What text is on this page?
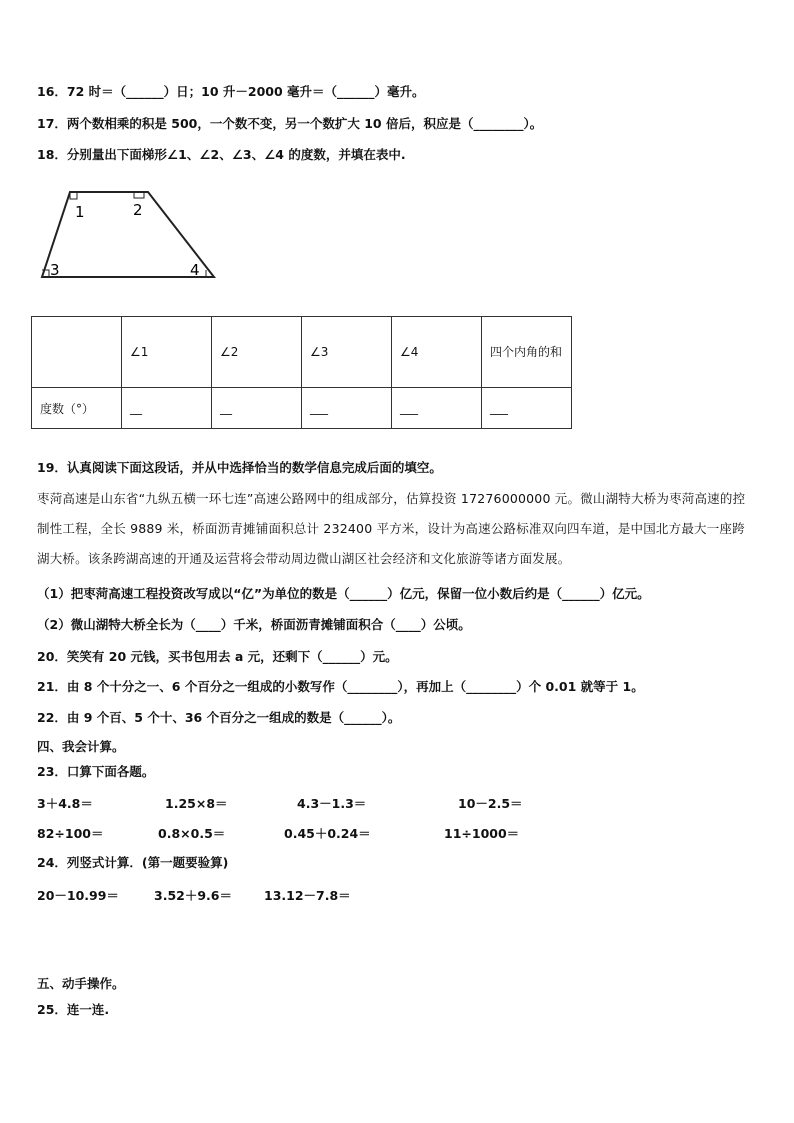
16．72 时＝（______）日；10 升－2000 毫升＝（______）毫升。
17．两个数相乘的积是 500，一个数不变，另一个数扩大 10 倍后，积应是（________）。
18．分别量出下面梯形∠1、∠2、∠3、∠4 的度数，并填在表中.
1	2
3	4
	∠1	∠2	∠3	∠4	四个内角的和
度数（°）	__	__	___	___	___
19．认真阅读下面这段话，并从中选择恰当的数学信息完成后面的填空。
枣菏高速是山东省“九纵五横一环七连”高速公路网中的组成部分，估算投资 17276000000 元。微山湖特大桥为枣菏高速的控制性工程，全长 9889 米，桥面沥青摊铺面积总计 232400 平方米，设计为高速公路标准双向四车道，是中国北方最大一座跨湖大桥。该条跨湖高速的开通及运营将会带动周边微山湖区社会经济和文化旅游等诸方面发展。
（1）把枣菏高速工程投资改写成以“亿”为单位的数是（______）亿元，保留一位小数后约是（______）亿元。
（2）微山湖特大桥全长为（____）千米，桥面沥青摊铺面积合（____）公顷。
20．笑笑有 20 元钱，买书包用去 a 元，还剩下（______）元。
21．由 8 个十分之一、6 个百分之一组成的小数写作（________），再加上（________）个 0.01 就等于 1。
22．由 9 个百、5 个十、36 个百分之一组成的数是（______）。
四、我会计算。
23．口算下面各题。
3＋4.8＝	1.25×8＝	4.3－1.3＝	10－2.5＝
82÷100＝	0.8×0.5＝	0.45＋0.24＝	11÷1000＝
24．列竖式计算．(第一题要验算)
20－10.99＝	3.52＋9.6＝	13.12－7.8＝
五、动手操作。
25．连一连.
